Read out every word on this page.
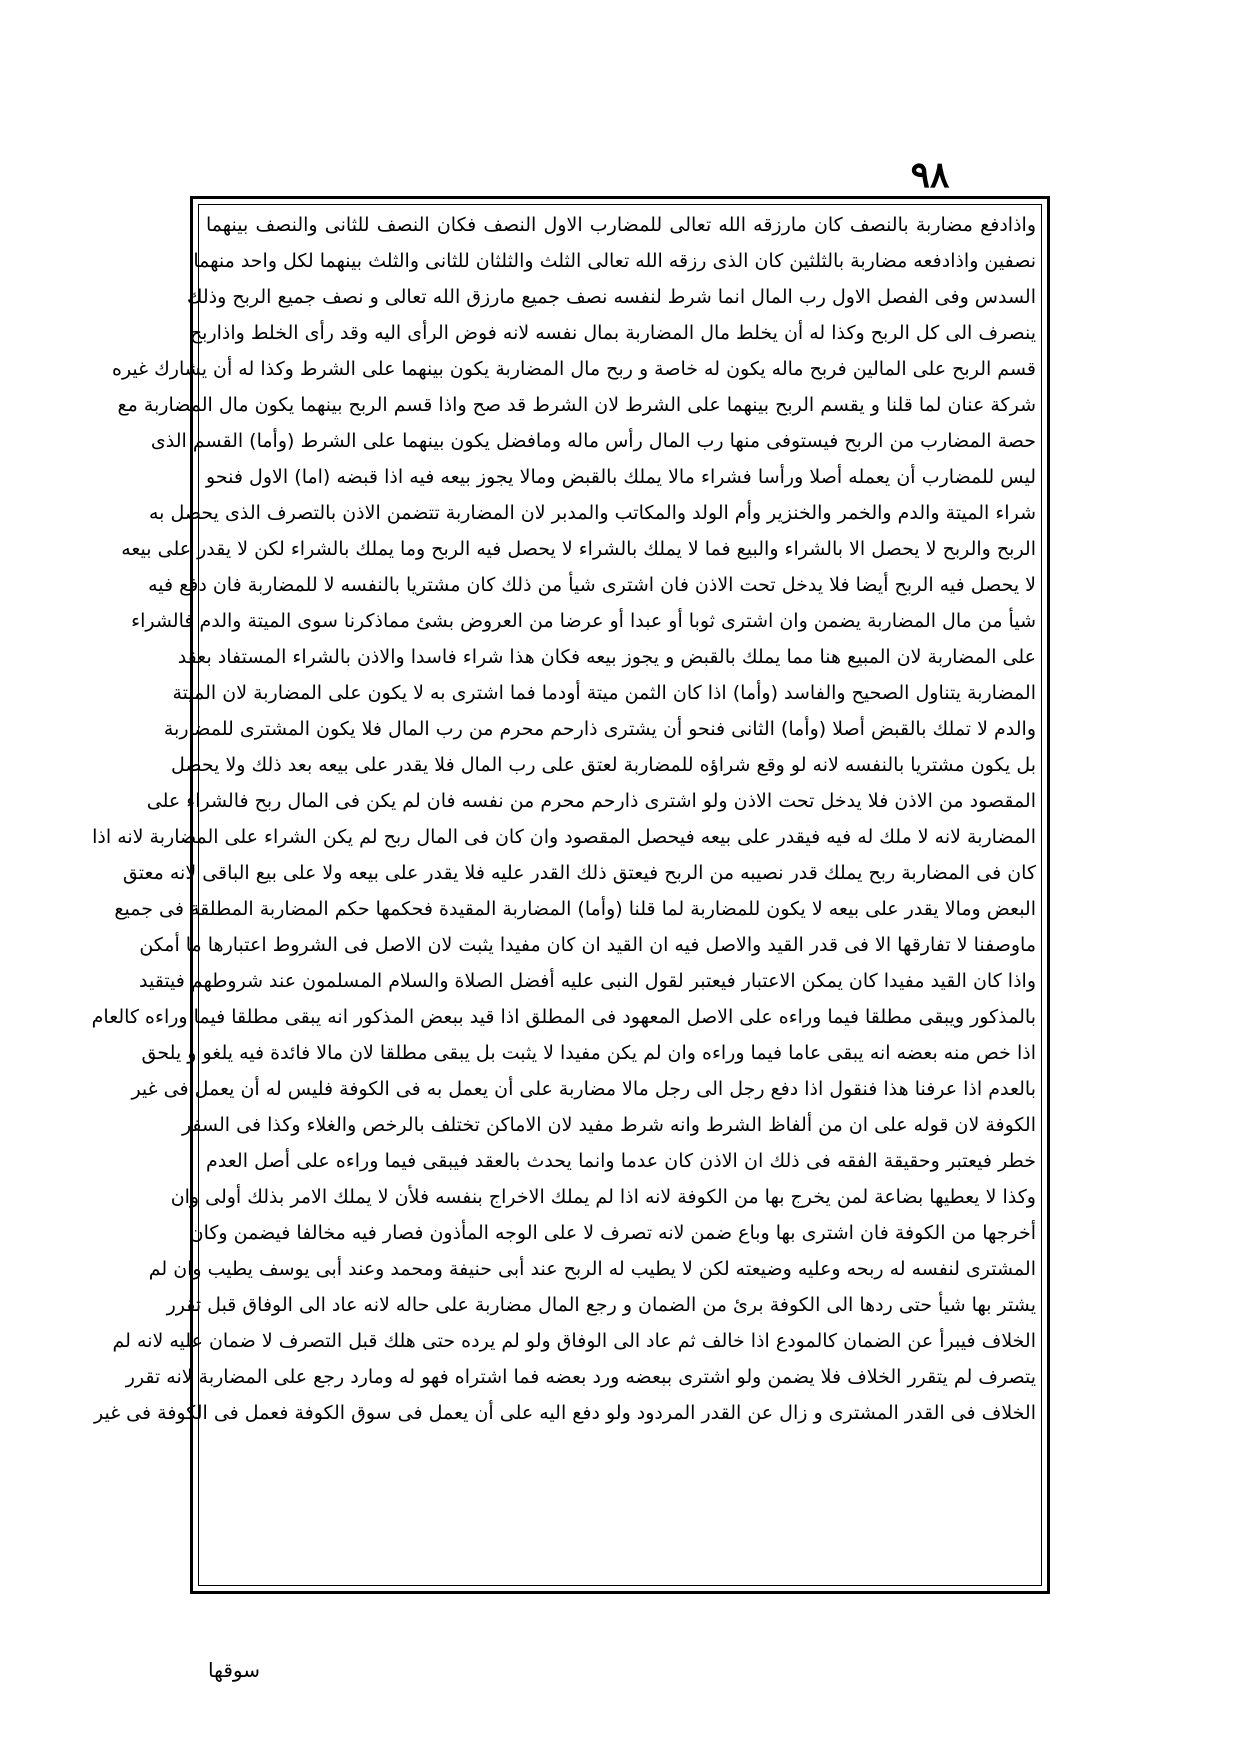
۹۸
واذادفع مضاربة بالنصف كان مارزقه الله تعالى للمضارب الاول النصف فكان النصف للثانى والنصف بينهما
نصفين واذادفعه مضاربة بالثلثين كان الذى رزقه الله تعالى الثلث والثلثان للثانى والثلث بينهما لكل واحد منهما
السدس وفى الفصل الاول رب المال انما شرط لنفسه نصف جميع مارزق الله تعالى و نصف جميع الربح وذلك
ينصرف الى كل الربح وكذا له أن يخلط مال المضاربة بمال نفسه لانه فوض الرأى اليه وقد رأى الخلط واذاربح
قسم الربح على المالين فربح ماله يكون له خاصة و ربح مال المضاربة يكون بينهما على الشرط وكذا له أن يشارك غيره
شركة عنان لما قلنا و يقسم الربح بينهما على الشرط لان الشرط قد صح واذا قسم الربح بينهما يكون مال المضاربة مع
حصة المضارب من الربح فيستوفى منها رب المال رأس ماله ومافضل يكون بينهما على الشرط (وأما) القسم الذى
ليس للمضارب أن يعمله أصلا ورأسا فشراء مالا يملك بالقبض ومالا يجوز بيعه فيه اذا قبضه (اما) الاول فنحو
شراء الميتة والدم والخمر والخنزير وأم الولد والمكاتب والمدبر لان المضاربة تتضمن الاذن بالتصرف الذى يحصل به
الربح والربح لا يحصل الا بالشراء والبيع فما لا يملك بالشراء لا يحصل فيه الربح وما يملك بالشراء لكن لا يقدر على بيعه
لا يحصل فيه الربح أيضا فلا يدخل تحت الاذن فان اشترى شيأ من ذلك كان مشتريا بالنفسه لا للمضاربة فان دفع فيه
شيأ من مال المضاربة يضمن وان اشترى ثوبا أو عبدا أو عرضا من العروض بشئ مماذكرنا سوى الميتة والدم فالشراء
على المضاربة لان المبيع هنا مما يملك بالقبض و يجوز بيعه فكان هذا شراء فاسدا والاذن بالشراء المستفاد بعقد
المضاربة يتناول الصحيح والفاسد (وأما) اذا كان الثمن ميتة أودما فما اشترى به لا يكون على المضاربة لان الميتة
والدم لا تملك بالقبض أصلا (وأما) الثانى فنحو أن يشترى ذارحم محرم من رب المال فلا يكون المشترى للمضاربة
بل يكون مشتريا بالنفسه لانه لو وقع شراؤه للمضاربة لعتق على رب المال فلا يقدر على بيعه بعد ذلك ولا يحصل
المقصود من الاذن فلا يدخل تحت الاذن ولو اشترى ذارحم محرم من نفسه فان لم يكن فى المال ربح فالشراء على
المضاربة لانه لا ملك له فيه فيقدر على بيعه فيحصل المقصود وان كان فى المال ربح لم يكن الشراء على المضاربة لانه اذا
كان فى المضاربة ربح يملك قدر نصيبه من الربح فيعتق ذلك القدر عليه فلا يقدر على بيعه ولا على بيع الباقى لانه معتق
البعض ومالا يقدر على بيعه لا يكون للمضاربة لما قلنا (وأما) المضاربة المقيدة فحكمها حكم المضاربة المطلقة فى جميع
ماوصفنا لا تفارقها الا فى قدر القيد والاصل فيه ان القيد ان كان مفيدا يثبت لان الاصل فى الشروط اعتبارها ما أمكن
واذا كان القيد مفيدا كان يمكن الاعتبار فيعتبر لقول النبى عليه أفضل الصلاة والسلام المسلمون عند شروطهم فيتقيد
بالمذكور ويبقى مطلقا فيما وراءه على الاصل المعهود فى المطلق اذا قيد ببعض المذكور انه يبقى مطلقا فيما وراءه كالعام
اذا خص منه بعضه انه يبقى عاما فيما وراءه وان لم يكن مفيدا لا يثبت بل يبقى مطلقا لان مالا فائدة فيه يلغو و يلحق
بالعدم اذا عرفنا هذا فنقول اذا دفع رجل الى رجل مالا مضاربة على أن يعمل به فى الكوفة فليس له أن يعمل فى غير
الكوفة لان قوله على ان من ألفاظ الشرط وانه شرط مفيد لان الاماكن تختلف بالرخص والغلاء وكذا فى السفر
خطر فيعتبر وحقيقة الفقه فى ذلك ان الاذن كان عدما وانما يحدث بالعقد فيبقى فيما وراءه على أصل العدم
وكذا لا يعطيها بضاعة لمن يخرج بها من الكوفة لانه اذا لم يملك الاخراج بنفسه فلأن لا يملك الامر بذلك أولى وان
أخرجها من الكوفة فان اشترى بها وباع ضمن لانه تصرف لا على الوجه المأذون فصار فيه مخالفا فيضمن وكان
المشترى لنفسه له ربحه وعليه وضيعته لكن لا يطيب له الربح عند أبى حنيفة ومحمد وعند أبى يوسف يطيب وان لم
يشتر بها شيأ حتى ردها الى الكوفة برئ من الضمان و رجع المال مضاربة على حاله لانه عاد الى الوفاق قبل تقرر
الخلاف فيبرأ عن الضمان كالمودع اذا خالف ثم عاد الى الوفاق ولو لم يرده حتى هلك قبل التصرف لا ضمان عليه لانه لم
يتصرف لم يتقرر الخلاف فلا يضمن ولو اشترى ببعضه ورد بعضه فما اشتراه فهو له ومارد رجع على المضاربة لانه تقرر
الخلاف فى القدر المشترى و زال عن القدر المردود ولو دفع اليه على أن يعمل فى سوق الكوفة فعمل فى الكوفة فى غير
سوقها
